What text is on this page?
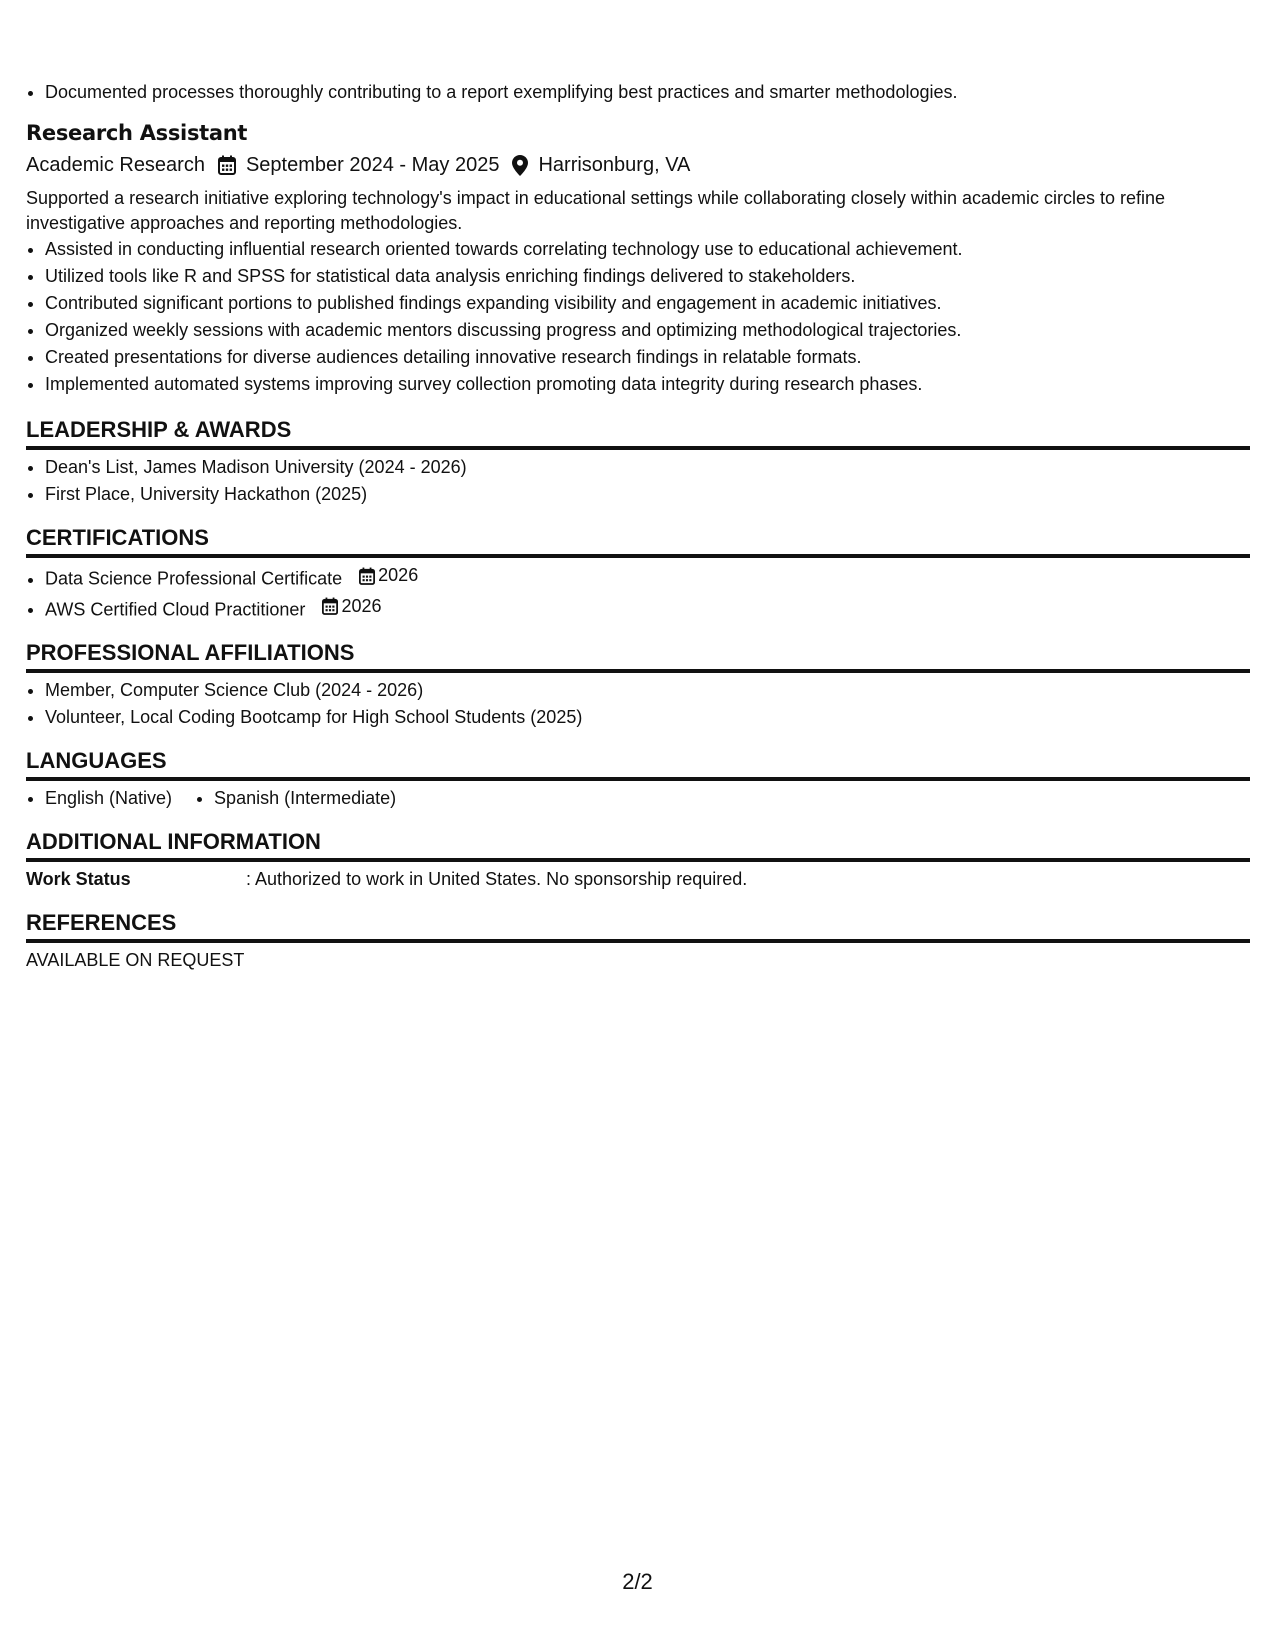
• Documented processes thoroughly contributing to a report exemplifying best practices and smarter methodologies.
Research Assistant
Academic Research September 2024 - May 2025 Harrisonburg, VA
Supported a research initiative exploring technology's impact in educational settings while collaborating closely within academic circles to refine investigative approaches and reporting methodologies.
• Assisted in conducting influential research oriented towards correlating technology use to educational achievement.
• Utilized tools like R and SPSS for statistical data analysis enriching findings delivered to stakeholders.
• Contributed significant portions to published findings expanding visibility and engagement in academic initiatives.
• Organized weekly sessions with academic mentors discussing progress and optimizing methodological trajectories.
• Created presentations for diverse audiences detailing innovative research findings in relatable formats.
• Implemented automated systems improving survey collection promoting data integrity during research phases.
LEADERSHIP & AWARDS
• Dean's List, James Madison University (2024 - 2026)
• First Place, University Hackathon (2025)
CERTIFICATIONS
• Data Science Professional Certificate 2026
• AWS Certified Cloud Practitioner 2026
PROFESSIONAL AFFILIATIONS
• Member, Computer Science Club (2024 - 2026)
• Volunteer, Local Coding Bootcamp for High School Students (2025)
LANGUAGES
• English (Native)
• Spanish (Intermediate)
ADDITIONAL INFORMATION
Work Status	: Authorized to work in United States. No sponsorship required.
REFERENCES
AVAILABLE ON REQUEST
2/2
